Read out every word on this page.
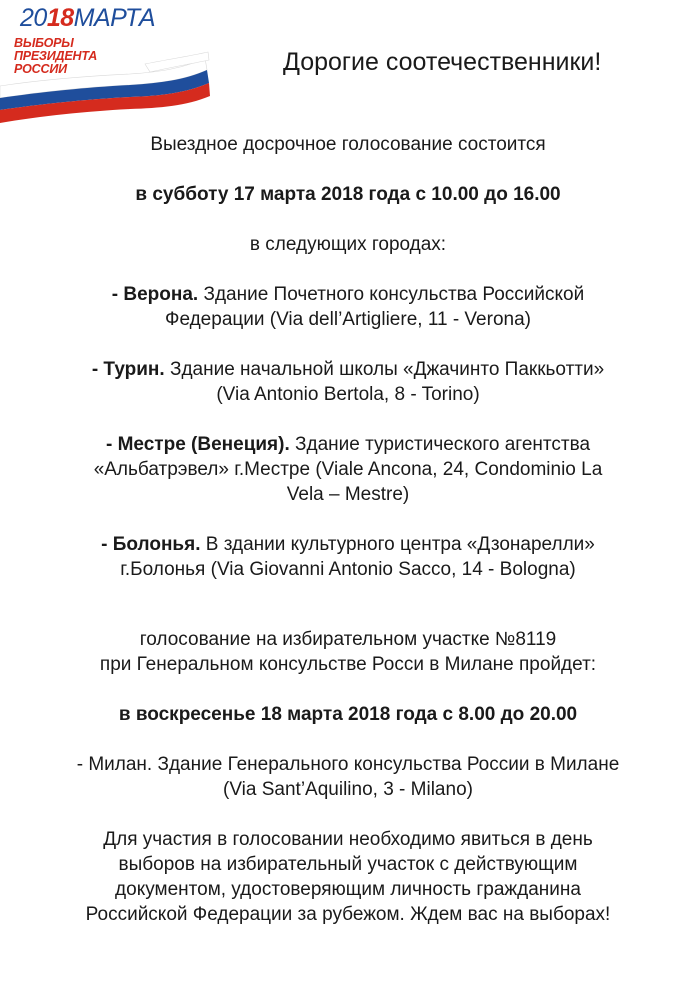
2018МАРТА
ВЫБОРЫ
ПРЕЗИДЕНТА
РОССИИ	Дорогие соотечественники!

Выездное досрочное голосование состоится

в субботу 17 марта 2018 года с 10.00 до 16.00

в следующих городах:

- Верона. Здание Почетного консульства Российской

Федерации (Via dell’Artigliere, 11 - Verona)

- Турин. Здание начальной школы «Джачинто Паккьотти»

(Via Antonio Bertola, 8 - Torino)

- Местре (Венеция). Здание туристического агентства

«Альбатрэвел» г.Местре (Viale Ancona, 24, Condominio La

Vela – Mestre)

- Болонья. В здании культурного центра «Дзонарелли»

г.Болонья (Via Giovanni Antonio Sacco, 14 - Bologna)

голосование на избирательном участке №8119

при Генеральном консульстве Росси в Милане пройдет:

в воскресенье 18 марта 2018 года с 8.00 до 20.00

- Милан. Здание Генерального консульства России в Милане

(Via Sant’Aquilino, 3 - Milano)

Для участия в голосовании необходимо явиться в день

выборов на избирательный участок с действующим

документом, удостоверяющим личность гражданина

Российской Федерации за рубежом. Ждем вас на выборах!
